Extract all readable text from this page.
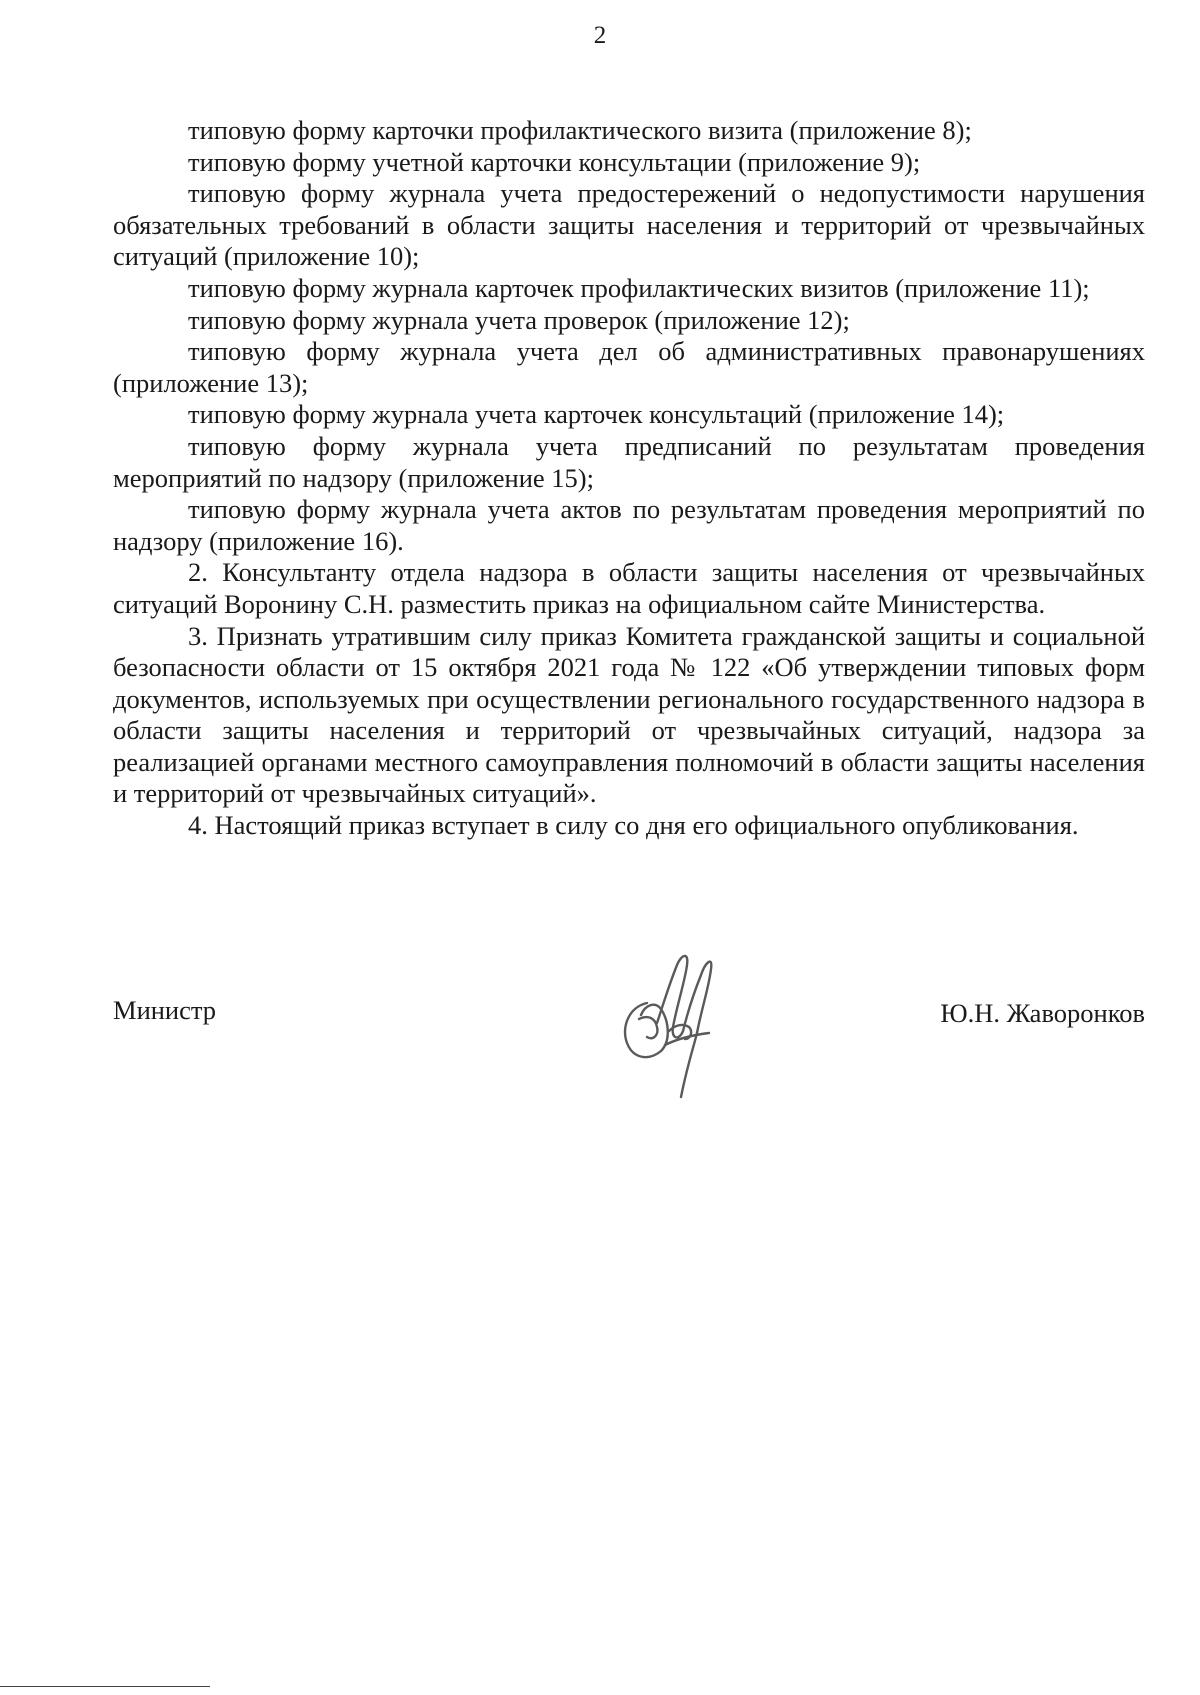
2

типовую форму карточки профилактического визита (приложение 8);

типовую форму учетной карточки консультации (приложение 9);

типовую форму журнала учета предостережений о недопустимости нарушения обязательных требований в области защиты населения и территорий от чрезвычайных ситуаций (приложение 10);

типовую форму журнала карточек профилактических визитов (приложение 11);

типовую форму журнала учета проверок (приложение 12);

типовую форму журнала учета дел об административных правонарушениях (приложение 13);

типовую форму журнала учета карточек консультаций (приложение 14);

типовую форму журнала учета предписаний по результатам проведения мероприятий по надзору (приложение 15);

типовую форму журнала учета актов по результатам проведения мероприятий по надзору (приложение 16).

2. Консультанту отдела надзора в области защиты населения от чрезвычайных ситуаций Воронину С.Н. разместить приказ на официальном сайте Министерства.

3. Признать утратившим силу приказ Комитета гражданской защиты и социальной безопасности области от 15 октября 2021 года № 122 «Об утверждении типовых форм документов, используемых при осуществлении регионального государственного надзора в области защиты населения и территорий от чрезвычайных ситуаций, надзора за реализацией органами местного самоуправления полномочий в области защиты населения и территорий от чрезвычайных ситуаций».

4. Настоящий приказ вступает в силу со дня его официального опубликования.

Министр	Ю.Н. Жаворонков
